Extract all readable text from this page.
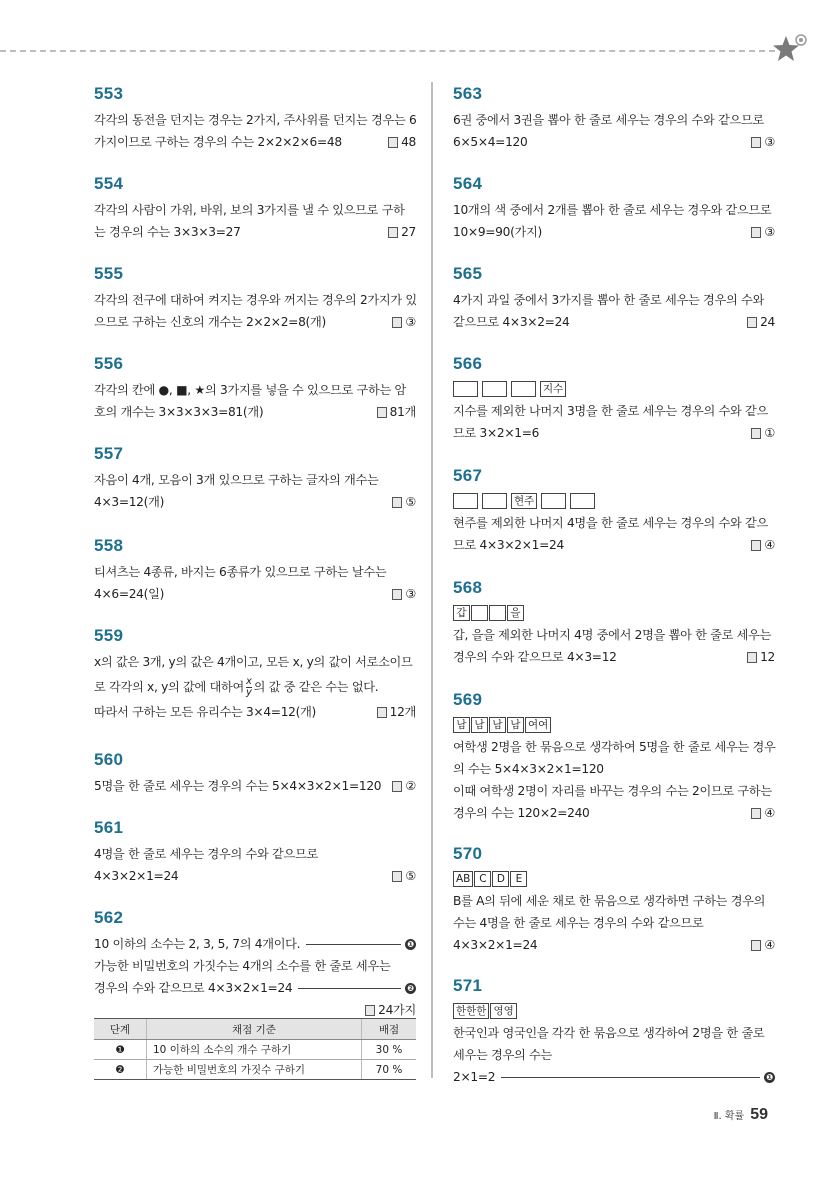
553
각각의 동전을 던지는 경우는 2가지, 주사위를 던지는 경우는 6
가지이므로 구하는 경우의 수는 2×2×2×6=48	48
554
각각의 사람이 가위, 바위, 보의 3가지를 낼 수 있으므로 구하
는 경우의 수는 3×3×3=27	27
555
각각의 전구에 대하여 켜지는 경우와 꺼지는 경우의 2가지가 있
으므로 구하는 신호의 개수는 2×2×2=8(개)	③
556
각각의 칸에 ●, ■, ★의 3가지를 넣을 수 있으므로 구하는 암
호의 개수는 3×3×3×3=81(개)	81개
557
자음이 4개, 모음이 3개 있으므로 구하는 글자의 개수는
4×3=12(개)	⑤
558
티셔츠는 4종류, 바지는 6종류가 있으므로 구하는 날수는
4×6=24(일)	③
559
x의 값은 3개, y의 값은 4개이고, 모든 x, y의 값이 서로소이므
로 각각의 x, y의 값에 대하여 $\frac{x}{y}$ 의 값 중 같은 수는 없다.
따라서 구하는 모든 유리수는 3×4=12(개)	12개
560
5명을 한 줄로 세우는 경우의 수는 5×4×3×2×1=120 ②
561
4명을 한 줄로 세우는 경우의 수와 같으므로
4×3×2×1=24	⑤
562
10 이하의 소수는 2, 3, 5, 7의 4개이다.	❶
가능한 비밀번호의 가짓수는 4개의 소수를 한 줄로 세우는
경우의 수와 같으므로 4×3×2×1=24	❷
24가지
단계	채점 기준	배점
❶	10 이하의 소수의 개수 구하기	30 %
❷	가능한 비밀번호의 가짓수 구하기	70 %
563
6권 중에서 3권을 뽑아 한 줄로 세우는 경우의 수와 같으므로
6×5×4=120	③
564
10개의 색 중에서 2개를 뽑아 한 줄로 세우는 경우와 같으므로
10×9=90(가지)	③
565
4가지 과일 중에서 3가지를 뽑아 한 줄로 세우는 경우의 수와
같으므로 4×3×2=24	24
566
지수
지수를 제외한 나머지 3명을 한 줄로 세우는 경우의 수와 같으
므로 3×2×1=6	①
567
현주
현주를 제외한 나머지 4명을 한 줄로 세우는 경우의 수와 같으
므로 4×3×2×1=24	④
568
갑	을
갑, 을을 제외한 나머지 4명 중에서 2명을 뽑아 한 줄로 세우는
경우의 수와 같으므로 4×3=12	12
569
남 남 남 남 여여
여학생 2명을 한 묶음으로 생각하여 5명을 한 줄로 세우는 경우
의 수는 5×4×3×2×1=120
이때 여학생 2명이 자리를 바꾸는 경우의 수는 2이므로 구하는
경우의 수는 120×2=240	④
570
AB C D	E
B를 A의 뒤에 세운 채로 한 묶음으로 생각하면 구하는 경우의
수는 4명을 한 줄로 세우는 경우의 수와 같으므로
4×3×2×1=24	④
571
한한한 영영
한국인과 영국인을 각각 한 묶음으로 생각하여 2명을 한 줄로
세우는 경우의 수는
2×1=2	❶
Ⅱ. 확률 59
